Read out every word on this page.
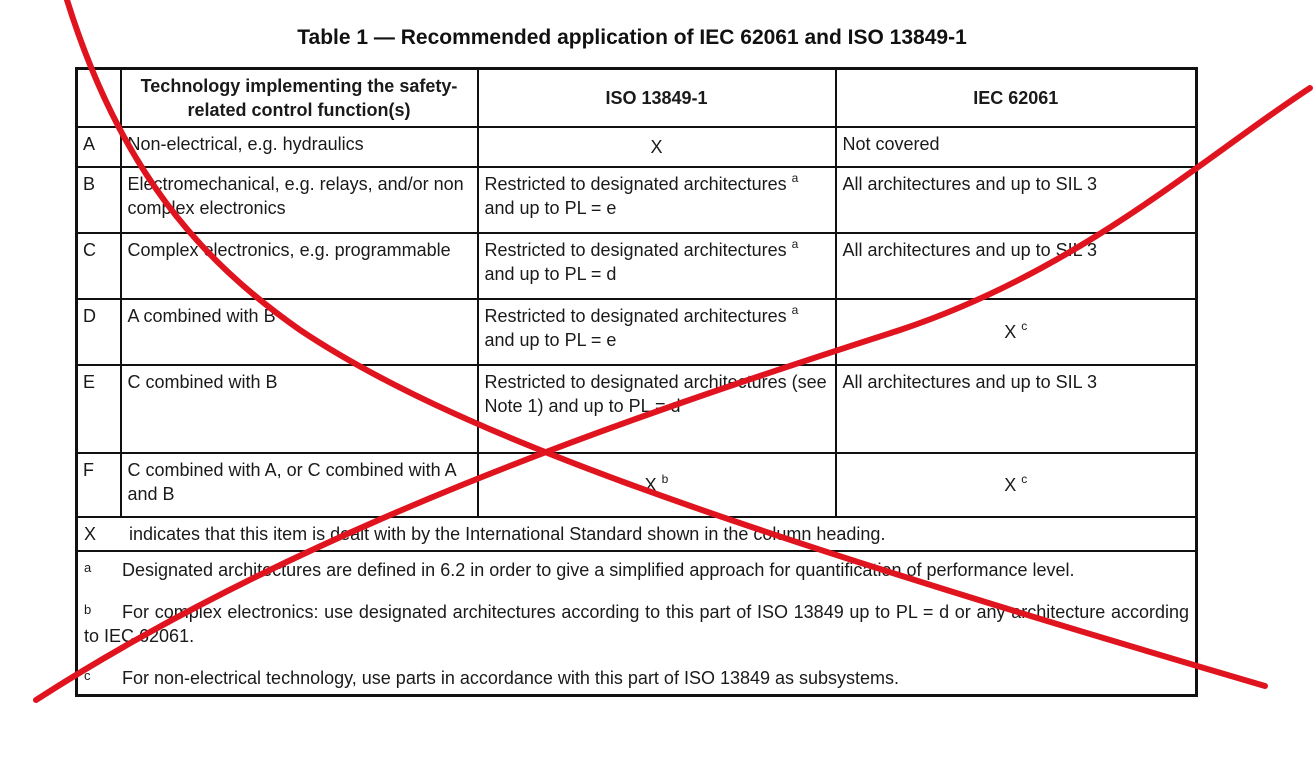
Table 1 — Recommended application of IEC 62061 and ISO 13849-1
	Technology implementing the safety-related control function(s)	ISO 13849-1	IEC 62061
A	Non-electrical, e.g. hydraulics	X	Not covered
B	Electromechanical, e.g. relays, and/or non complex electronics	Restricted to designated architectures $^a$ and up to PL = e	All architectures and up to SIL 3
C	Complex electronics, e.g. programmable	Restricted to designated architectures $^a$ and up to PL = d	All architectures and up to SIL 3
D	A combined with B	Restricted to designated architectures $^a$ and up to PL = e	X $^c$
E	C combined with B	Restricted to designated architectures (see Note 1) and up to PL = d	All architectures and up to SIL 3
F	C combined with A, or C combined with A and B	X $^b$	X $^c$
X indicates that this item is dealt with by the International Standard shown in the column heading.			

a Designated architectures are defined in 6.2 in order to give a simplified approach for quantification of performance level.
b For complex electronics: use designated architectures according to this part of ISO 13849 up to PL = d or any architecture according to IEC 62061.
c For non-electrical technology, use parts in accordance with this part of ISO 13849 as subsystems.			
